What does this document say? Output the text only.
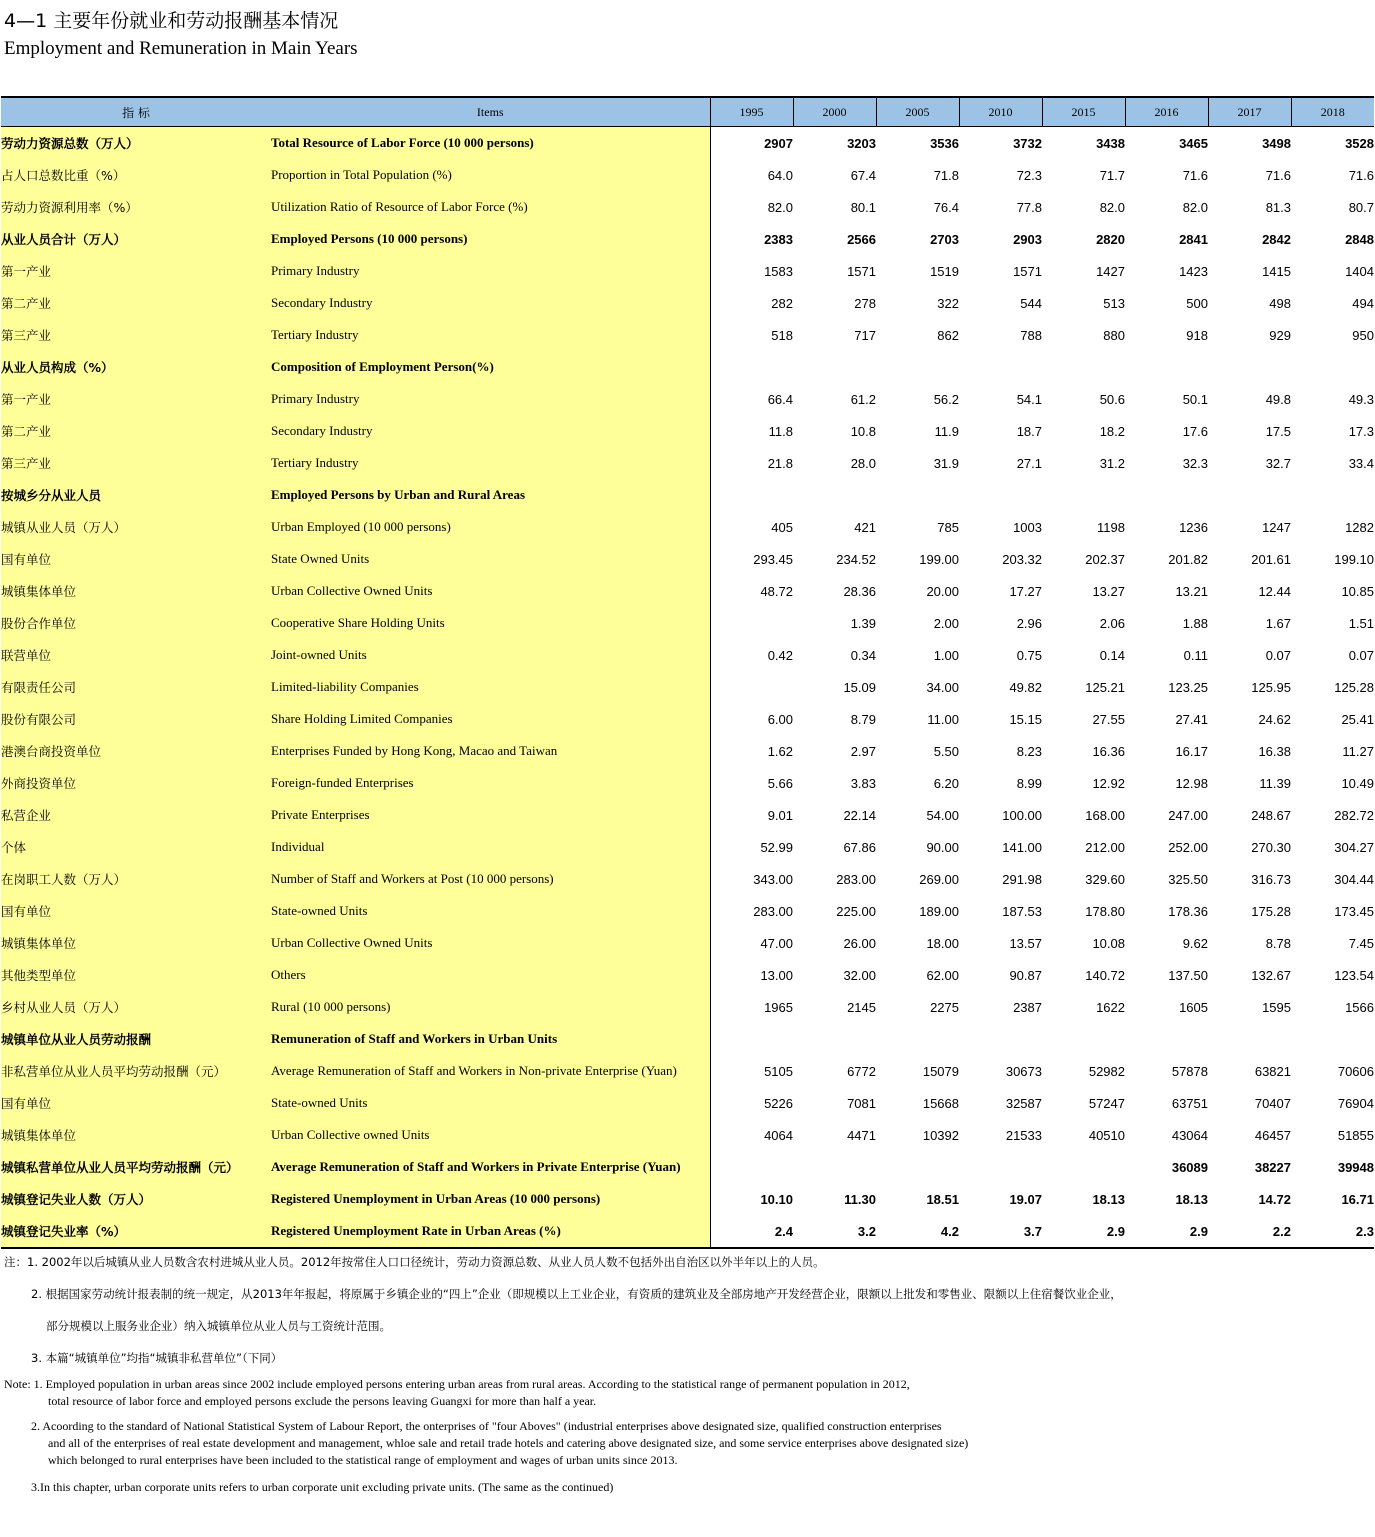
4—1 主要年份就业和劳动报酬基本情况
Employment and Remuneration in Main Years
指 标	Items	1995	2000	2005	2010	2015	2016	2017	2018
劳动力资源总数（万人）	Total Resource of Labor Force (10 000 persons)	2907	3203	3536	3732	3438	3465	3498	3528
占人口总数比重（%）	Proportion in Total Population (%)	64.0	67.4	71.8	72.3	71.7	71.6	71.6	71.6
劳动力资源利用率（%）	Utilization Ratio of Resource of Labor Force (%)	82.0	80.1	76.4	77.8	82.0	82.0	81.3	80.7
从业人员合计（万人）	Employed Persons (10 000 persons)	2383	2566	2703	2903	2820	2841	2842	2848
第一产业	Primary Industry	1583	1571	1519	1571	1427	1423	1415	1404
第二产业	Secondary Industry	282	278	322	544	513	500	498	494
第三产业	Tertiary Industry	518	717	862	788	880	918	929	950
从业人员构成（%）	Composition of Employment Person(%)								
第一产业	Primary Industry	66.4	61.2	56.2	54.1	50.6	50.1	49.8	49.3
第二产业	Secondary Industry	11.8	10.8	11.9	18.7	18.2	17.6	17.5	17.3
第三产业	Tertiary Industry	21.8	28.0	31.9	27.1	31.2	32.3	32.7	33.4
按城乡分从业人员	Employed Persons by Urban and Rural Areas								
城镇从业人员（万人）	Urban Employed (10 000 persons)	405	421	785	1003	1198	1236	1247	1282
国有单位	State Owned Units	293.45	234.52	199.00	203.32	202.37	201.82	201.61	199.10
城镇集体单位	Urban Collective Owned Units	48.72	28.36	20.00	17.27	13.27	13.21	12.44	10.85
股份合作单位	Cooperative Share Holding Units		1.39	2.00	2.96	2.06	1.88	1.67	1.51
联营单位	Joint-owned Units	0.42	0.34	1.00	0.75	0.14	0.11	0.07	0.07
有限责任公司	Limited-liability Companies		15.09	34.00	49.82	125.21	123.25	125.95	125.28
股份有限公司	Share Holding Limited Companies	6.00	8.79	11.00	15.15	27.55	27.41	24.62	25.41
港澳台商投资单位	Enterprises Funded by Hong Kong, Macao and Taiwan	1.62	2.97	5.50	8.23	16.36	16.17	16.38	11.27
外商投资单位	Foreign-funded Enterprises	5.66	3.83	6.20	8.99	12.92	12.98	11.39	10.49
私营企业	Private Enterprises	9.01	22.14	54.00	100.00	168.00	247.00	248.67	282.72
个体	Individual	52.99	67.86	90.00	141.00	212.00	252.00	270.30	304.27
在岗职工人数（万人）	Number of Staff and Workers at Post (10 000 persons)	343.00	283.00	269.00	291.98	329.60	325.50	316.73	304.44
国有单位	State-owned Units	283.00	225.00	189.00	187.53	178.80	178.36	175.28	173.45
城镇集体单位	Urban Collective Owned Units	47.00	26.00	18.00	13.57	10.08	9.62	8.78	7.45
其他类型单位	Others	13.00	32.00	62.00	90.87	140.72	137.50	132.67	123.54
乡村从业人员（万人）	Rural (10 000 persons)	1965	2145	2275	2387	1622	1605	1595	1566
城镇单位从业人员劳动报酬	Remuneration of Staff and Workers in Urban Units								
非私营单位从业人员平均劳动报酬（元）	Average Remuneration of Staff and Workers in Non-private Enterprise (Yuan)	5105	6772	15079	30673	52982	57878	63821	70606
国有单位	State-owned Units	5226	7081	15668	32587	57247	63751	70407	76904
城镇集体单位	Urban Collective owned Units	4064	4471	10392	21533	40510	43064	46457	51855
城镇私营单位从业人员平均劳动报酬（元）	Average Remuneration of Staff and Workers in Private Enterprise (Yuan)						36089	38227	39948
城镇登记失业人数（万人）	Registered Unemployment in Urban Areas (10 000 persons)	10.10	11.30	18.51	19.07	18.13	18.13	14.72	16.71
城镇登记失业率（%）	Registered Unemployment Rate in Urban Areas (%)	2.4	3.2	4.2	3.7	2.9	2.9	2.2	2.3
注：1. 2002年以后城镇从业人员数含农村进城从业人员。2012年按常住人口口径统计，劳动力资源总数、从业人员人数不包括外出自治区以外半年以上的人员。
2. 根据国家劳动统计报表制的统一规定，从2013年年报起，将原属于乡镇企业的“四上”企业（即规模以上工业企业，有资质的建筑业及全部房地产开发经营企业，限额以上批发和零售业、限额以上住宿餐饮业企业，
部分规模以上服务业企业）纳入城镇单位从业人员与工资统计范围。
3. 本篇“城镇单位”均指“城镇非私营单位”（下同）
Note: 1. Employed population in urban areas since 2002 include employed persons entering urban areas from rural areas. According to the statistical range of permanent population in 2012,
total resource of labor force and employed persons exclude the persons leaving Guangxi for more than half a year.
2. Acoording to the standard of National Statistical System of Labour Report, the onterprises of "four Aboves" (industrial enterprises above designated size, qualified construction enterprises
and all of the enterprises of real estate development and management, whloe sale and retail trade hotels and catering above designated size, and some service enterprises above designated size)
which belonged to rural enterprises have been included to the statistical range of employment and wages of urban units since 2013.
3.In this chapter, urban corporate units refers to urban corporate unit excluding private units. (The same as the continued)
